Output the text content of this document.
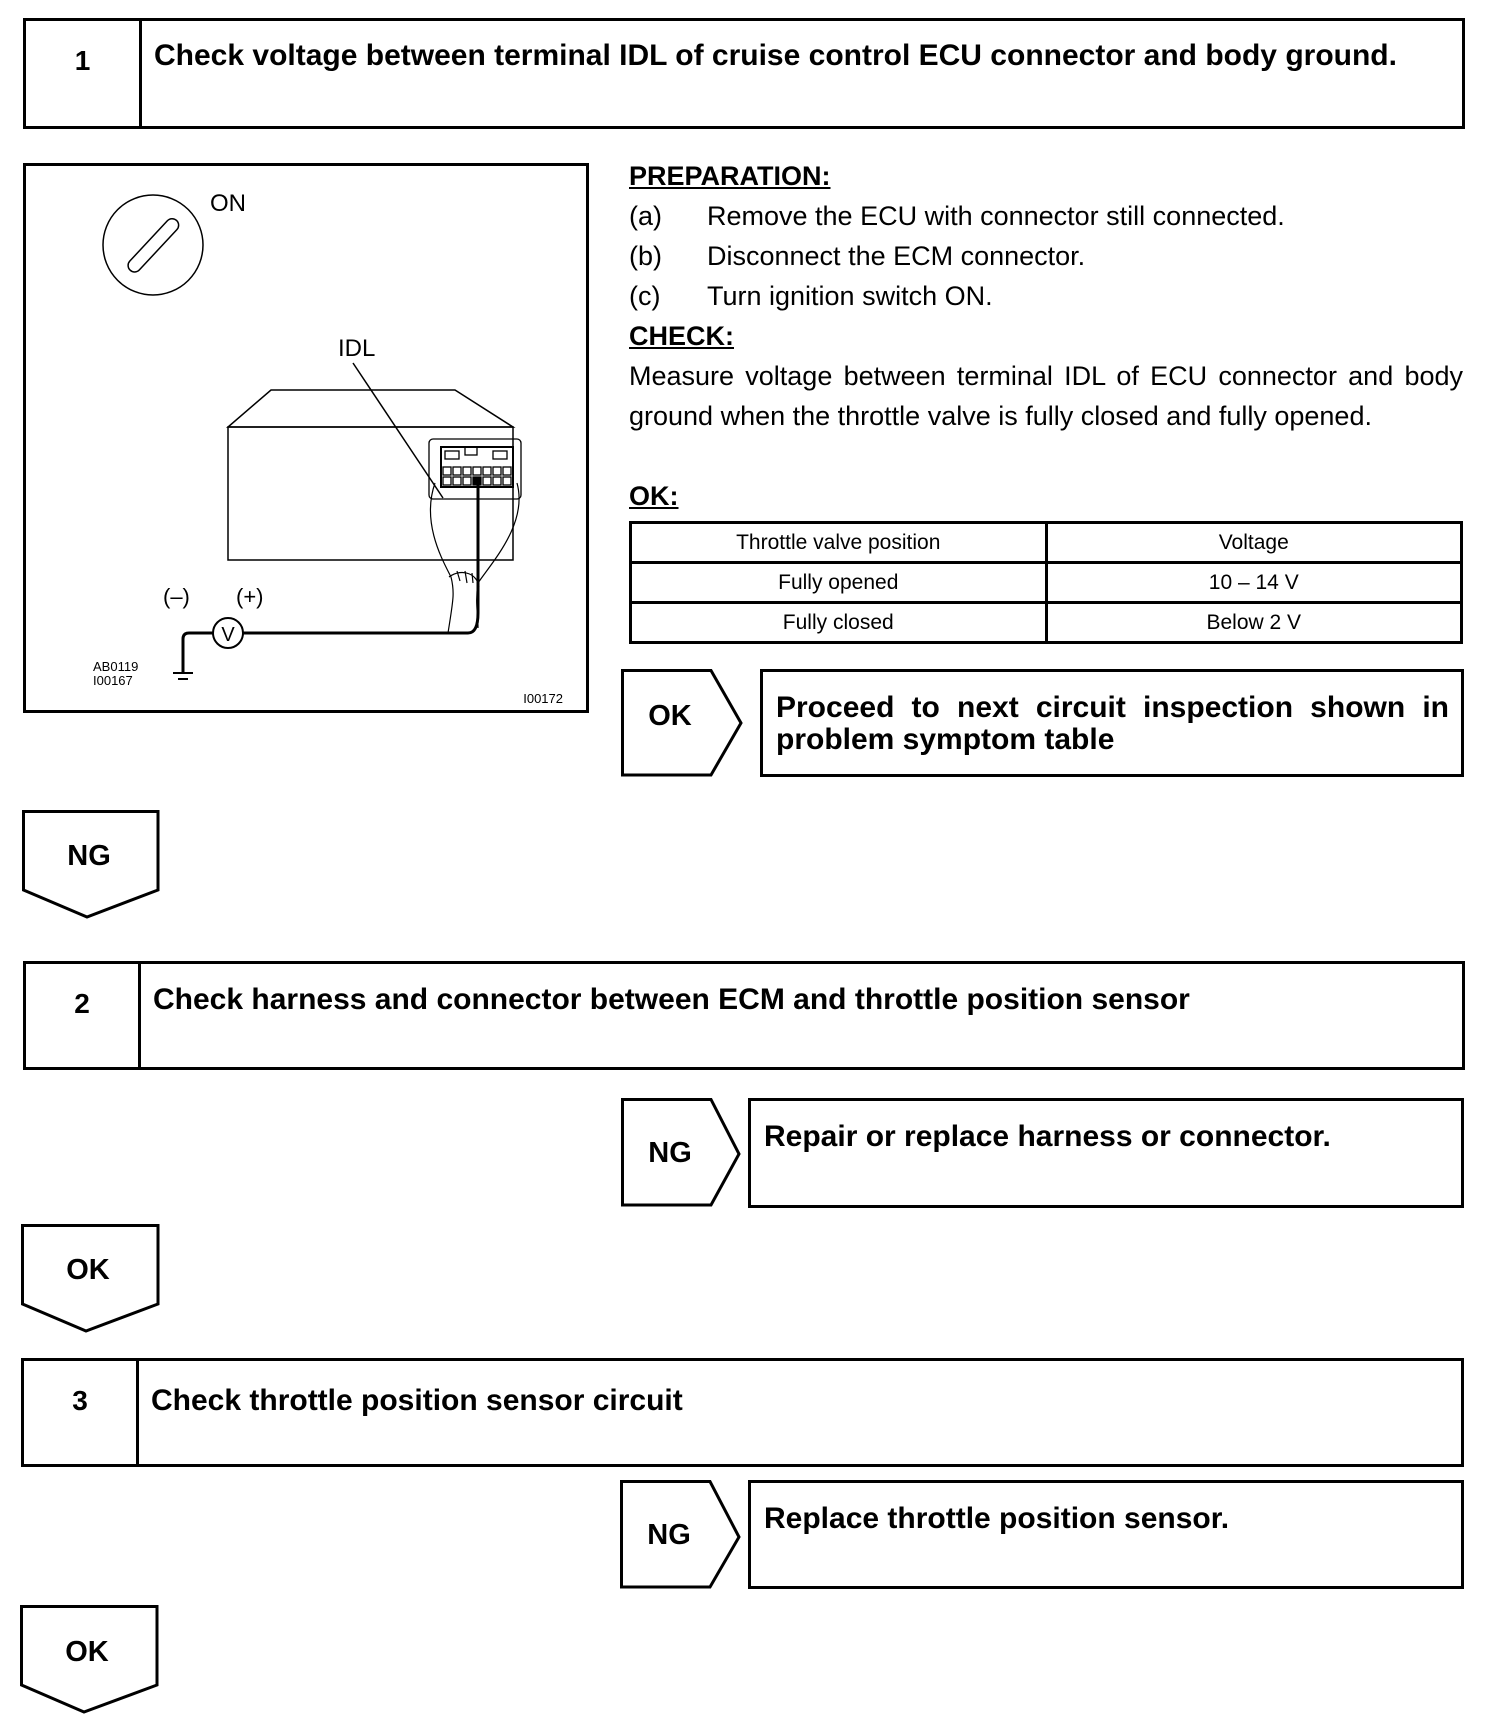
1	Check voltage between terminal IDL of cruise control ECU connector and body ground.
ON
IDL
V
(–) (+)
AB0119
I00167
I00172
PREPARATION:
(a) Remove the ECU with connector still connected.
(b) Disconnect the ECM connector.
(c) Turn ignition switch ON.
CHECK:
Measure voltage between terminal IDL of ECU connector and body ground when the throttle valve is fully closed and fully opened.
OK:
Throttle valve position	Voltage
Fully opened	10 – 14 V
Fully closed	Below 2 V
OK	Proceed to next circuit inspection shown in problem symptom table
NG
2	Check harness and connector between ECM and throttle position sensor
NG	Repair or replace harness or connector.
OK
3	Check throttle position sensor circuit
NG	Replace throttle position sensor.
OK
